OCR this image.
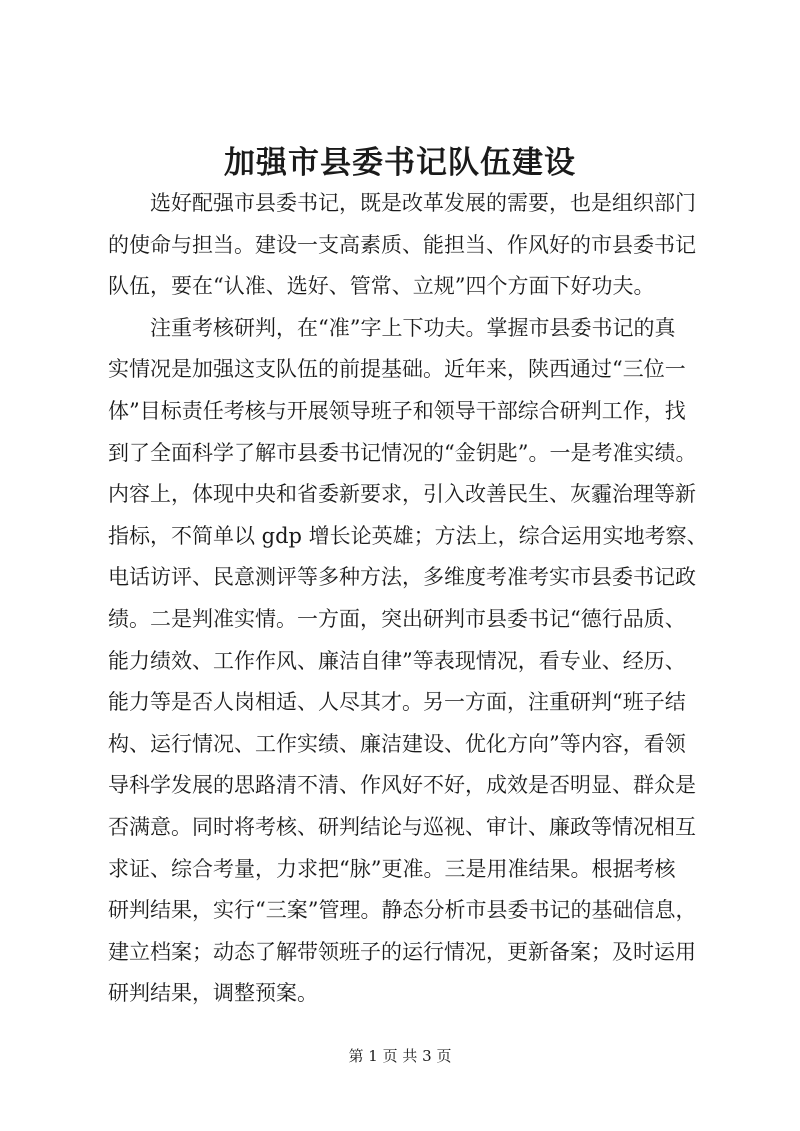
加强市县委书记队伍建设
　　选好配强市县委书记，既是改革发展的需要，也是组织部门
的使命与担当。建设一支高素质、能担当、作风好的市县委书记
队伍，要在“认准、选好、管常、立规”四个方面下好功夫。
　　注重考核研判，在“准”字上下功夫。掌握市县委书记的真
实情况是加强这支队伍的前提基础。近年来，陕西通过“三位一
体”目标责任考核与开展领导班子和领导干部综合研判工作，找
到了全面科学了解市县委书记情况的“金钥匙”。一是考准实绩。
内容上，体现中央和省委新要求，引入改善民生、灰霾治理等新
指标，不简单以 gdp 增长论英雄；方法上，综合运用实地考察、
电话访评、民意测评等多种方法，多维度考准考实市县委书记政
绩。二是判准实情。一方面，突出研判市县委书记“德行品质、
能力绩效、工作作风、廉洁自律”等表现情况，看专业、经历、
能力等是否人岗相适、人尽其才。另一方面，注重研判“班子结
构、运行情况、工作实绩、廉洁建设、优化方向”等内容，看领
导科学发展的思路清不清、作风好不好，成效是否明显、群众是
否满意。同时将考核、研判结论与巡视、审计、廉政等情况相互
求证、综合考量，力求把“脉”更准。三是用准结果。根据考核
研判结果，实行“三案”管理。静态分析市县委书记的基础信息，
建立档案；动态了解带领班子的运行情况，更新备案；及时运用
研判结果，调整预案。
第 1 页 共 3 页
